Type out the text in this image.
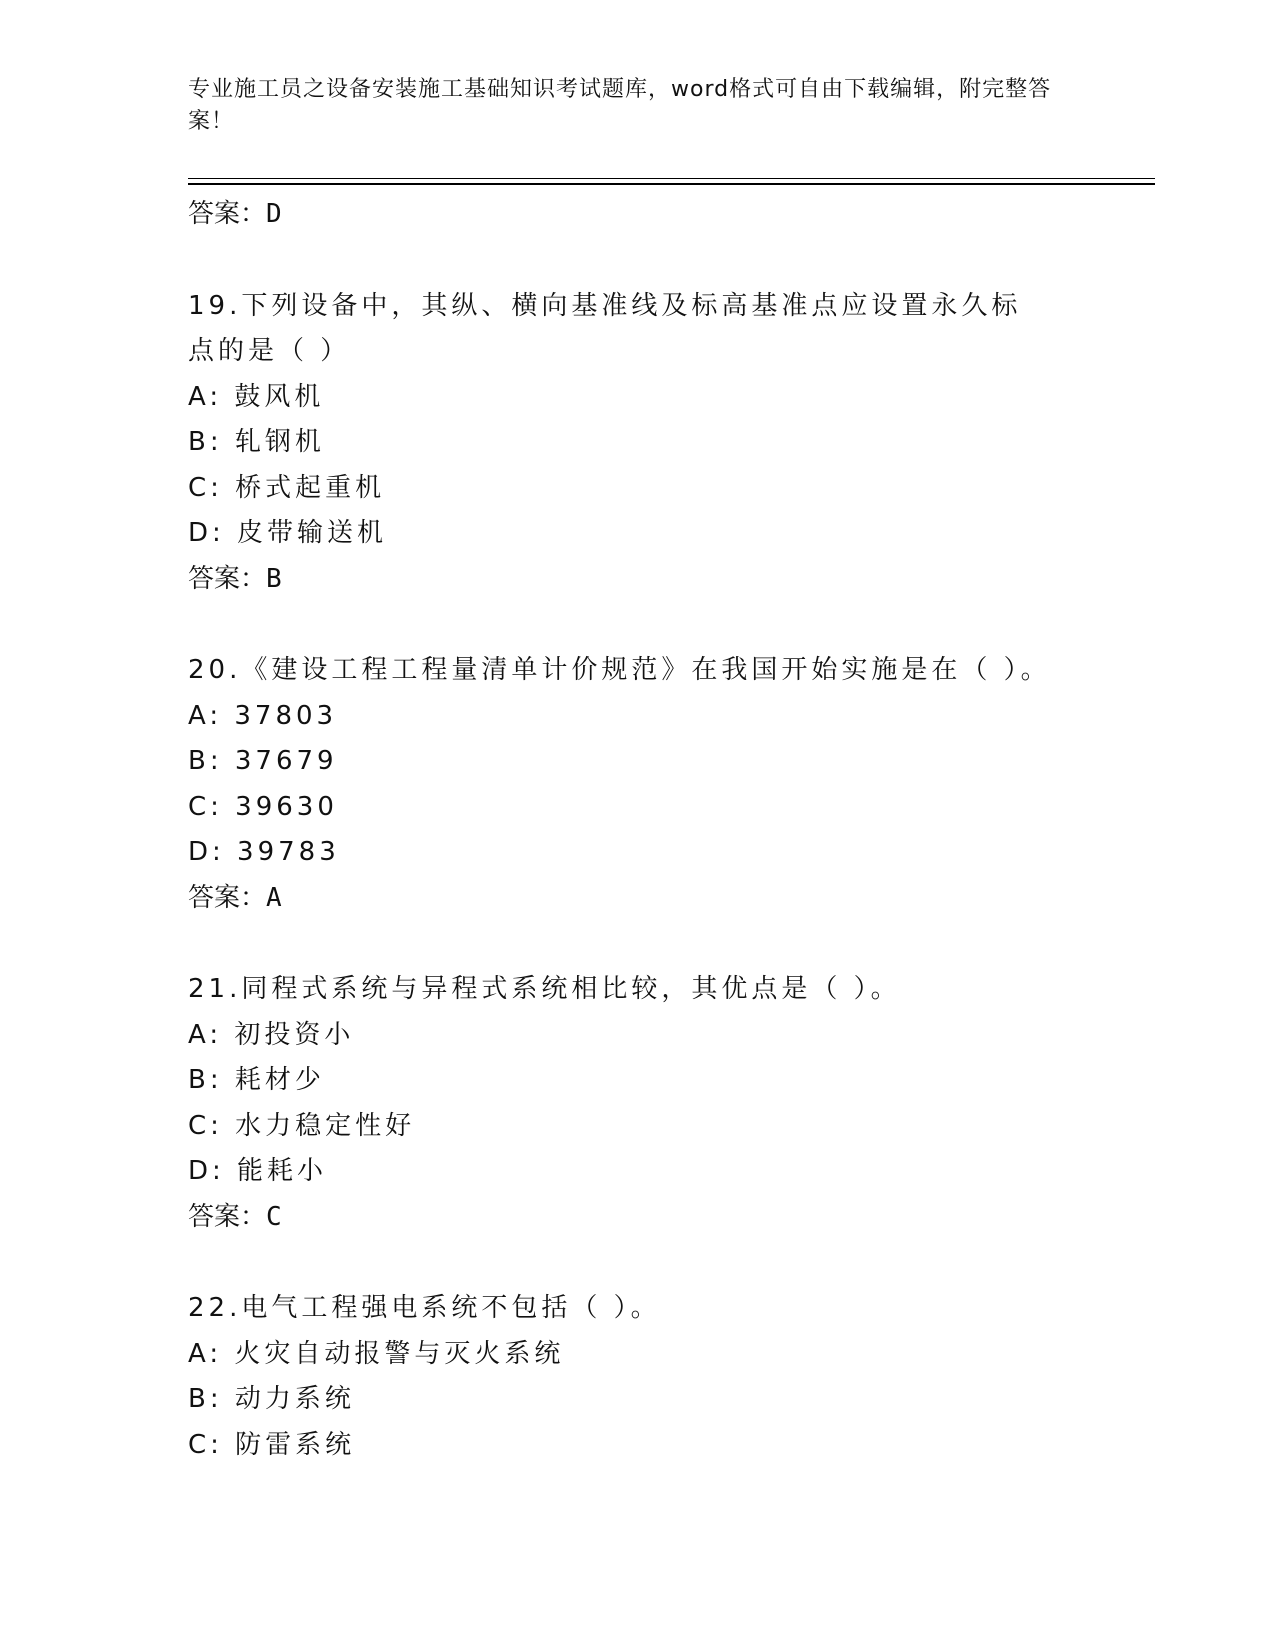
专业施工员之设备安装施工基础知识考试题库，word格式可自由下载编辑，附完整答案！
答案：D
19.下列设备中，其纵、横向基准线及标高基准点应设置永久标点的是（ ）
A: 鼓风机
B: 轧钢机
C: 桥式起重机
D: 皮带输送机
答案：B
20.《建设工程工程量清单计价规范》在我国开始实施是在（ ）。
A: 37803
B: 37679
C: 39630
D: 39783
答案：A
21.同程式系统与异程式系统相比较，其优点是（ ）。
A: 初投资小
B: 耗材少
C: 水力稳定性好
D: 能耗小
答案：C
22.电气工程强电系统不包括（ ）。
A: 火灾自动报警与灭火系统
B: 动力系统
C: 防雷系统
